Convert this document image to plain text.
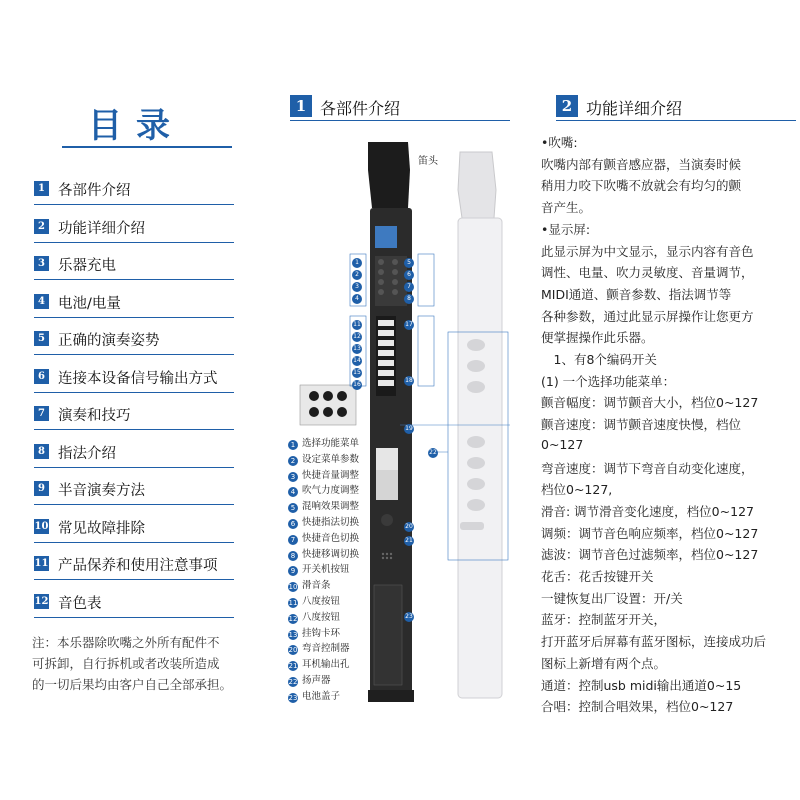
目录
1 各部件介绍
2 功能详细介绍
3 乐器充电
4 电池/电量
5 正确的演奏姿势
6 连接本设备信号输出方式
7 演奏和技巧
8 指法介绍
9 半音演奏方法
10 常见故障排除
11 产品保养和使用注意事项
12 音色表
注：本乐器除吹嘴之外所有配件不
可拆卸，自行拆机或者改装所造成
的一切后果均由客户自己全部承担。
1 各部件介绍	2 功能详细介绍
笛头
1
2
3
4
5
6
7
8
11
12
13
14
15
16
17
18
19
20
21
23
22
1 选择功能菜单
2 设定菜单参数
3 快捷音量调整
4 吹气力度调整
5 混响效果调整
6 快捷指法切换
7 快捷音色切换
8 快捷移调切换
9 开关机按钮
10 滑音条
11 八度按钮
12 八度按钮
13 挂钩卡环
20 弯音控制器
21 耳机输出孔
22 扬声器
23 电池盖子
•吹嘴:
吹嘴内部有颤音感应器，当演奏时候
稍用力咬下吹嘴不放就会有均匀的颤
音产生。
•显示屏:
此显示屏为中文显示，显示内容有音色
调性、电量、吹力灵敏度、音量调节，
MIDI通道、颤音参数、指法调节等
各种参数，通过此显示屏操作让您更方
便掌握操作此乐器。
　1、有8个编码开关
(1) 一个选择功能菜单：
颤音幅度：调节颤音大小，档位0~127
颤音速度：调节颤音速度快慢，档位
0~127
弯音速度：调节下弯音自动变化速度，
档位0~127,
滑音: 调节滑音变化速度，档位0~127
调频：调节音色响应频率，档位0~127
滤波：调节音色过滤频率，档位0~127
花舌：花舌按键开关
一键恢复出厂设置：开/关
蓝牙：控制蓝牙开关，
打开蓝牙后屏幕有蓝牙图标，连接成功后
图标上新增有两个点。
通道：控制usb midi输出通道0~15
合唱：控制合唱效果，档位0~127
